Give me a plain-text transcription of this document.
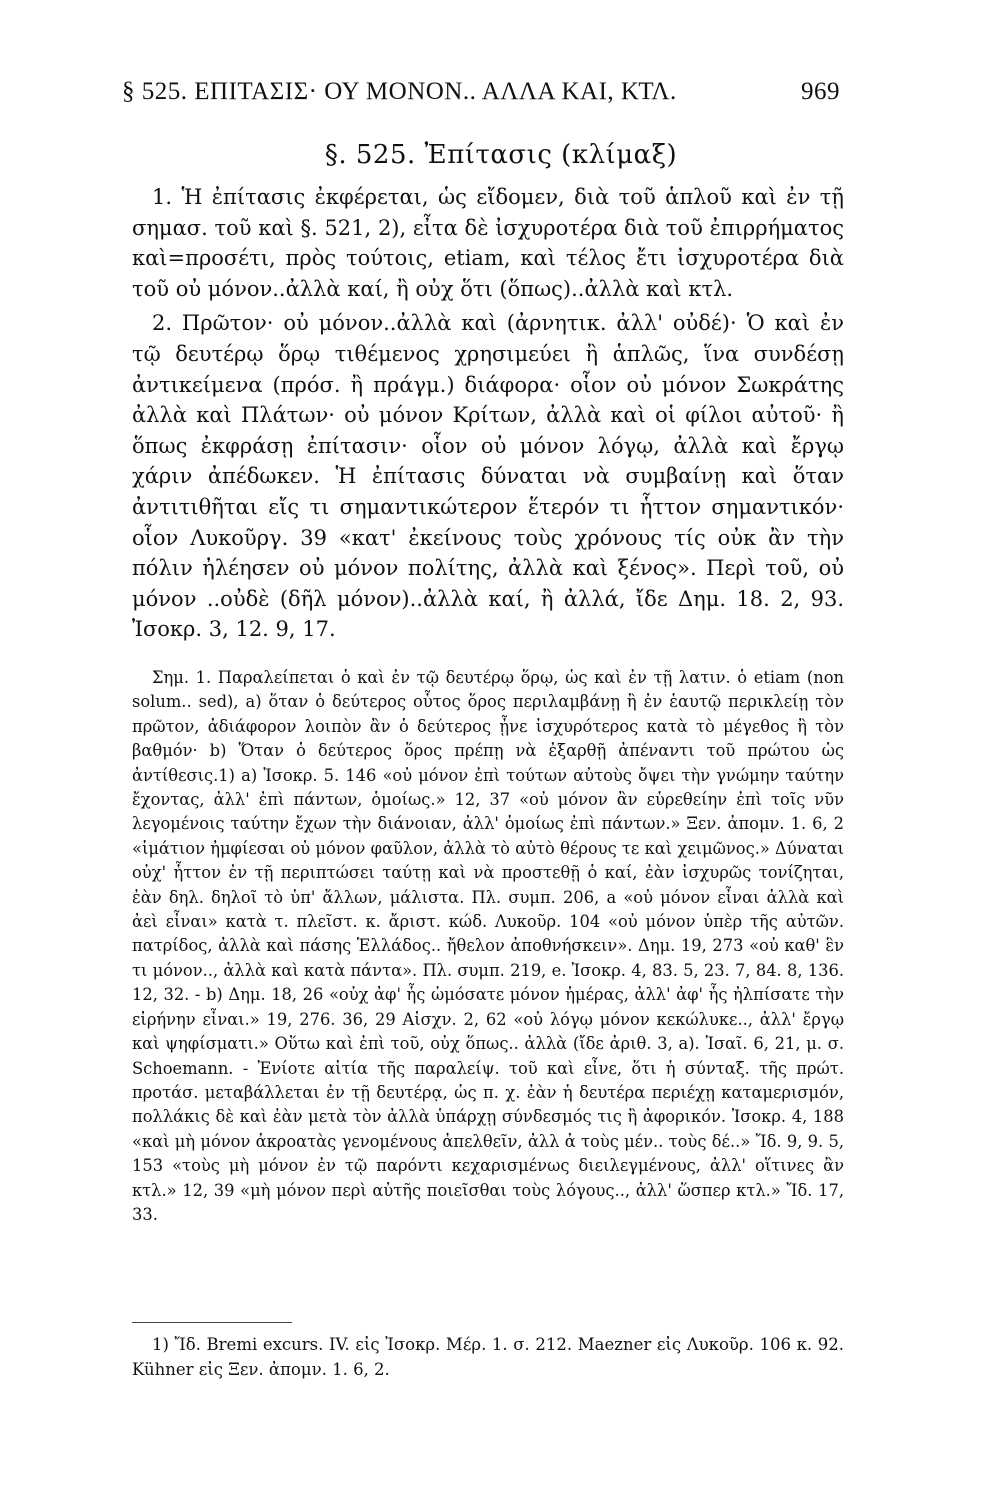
§ 525. ΕΠΙΤΑΣΙΣ· ΟΥ ΜΟΝΟΝ.. ΑΛΛΑ ΚΑΙ, ΚΤΛ.	969
§. 525. Ἐπίτασις (κλίμαξ)

1. Ἡ ἐπίτασις ἐκφέρεται, ὡς εἴδομεν, διὰ τοῦ ἁπλοῦ καὶ ἐν τῇ σημασ. τοῦ καὶ §. 521, 2), εἶτα δὲ ἰσχυροτέρα διὰ τοῦ ἐπιρρήματος καὶ=προσέτι, πρὸς τούτοις, etiam, καὶ τέλος ἔτι ἰσχυροτέρα διὰ τοῦ οὐ μόνον..ἀλλὰ καί, ἢ οὐχ ὅτι (ὅπως)..ἀλλὰ καὶ κτλ.

2. Πρῶτον· οὐ μόνον..ἀλλὰ καὶ (ἀρνητικ. ἀλλ' οὐδέ)· Ὁ καὶ ἐν τῷ δευτέρῳ ὅρῳ τιθέμενος χρησιμεύει ἢ ἁπλῶς, ἵνα συνδέσῃ ἀντικείμενα (πρόσ. ἢ πράγμ.) διάφορα· οἷον οὐ μόνον Σωκράτης ἀλλὰ καὶ Πλάτων· οὐ μόνον Κρίτων, ἀλλὰ καὶ οἱ φίλοι αὐτοῦ· ἢ ὅπως ἐκφράσῃ ἐπίτασιν· οἷον οὐ μόνον λόγῳ, ἀλλὰ καὶ ἔργῳ χάριν ἀπέδωκεν. Ἡ ἐπίτασις δύναται νὰ συμβαίνῃ καὶ ὅταν ἀντιτιθῆται εἴς τι σημαντικώτερον ἕτερόν τι ἧττον σημαντικόν· οἷον Λυκοῦργ. 39 «κατ' ἐκείνους τοὺς χρόνους τίς οὐκ ἂν τὴν πόλιν ἠλέησεν οὐ μόνον πολίτης, ἀλλὰ καὶ ξένος». Περὶ τοῦ, οὐ μόνον ..οὐδὲ (δῆλ μόνον)..ἀλλὰ καί, ἢ ἀλλά, ἴδε Δημ. 18. 2, 93. Ἰσοκρ. 3, 12. 9, 17.

Σημ. 1. Παραλείπεται ὁ καὶ ἐν τῷ δευτέρῳ ὅρῳ, ὡς καὶ ἐν τῇ λατιν. ὁ etiam (non solum.. sed), a) ὅταν ὁ δεύτερος οὗτος ὅρος περιλαμβάνῃ ἢ ἐν ἑαυτῷ περικλείῃ τὸν πρῶτον, ἀδιάφορον λοιπὸν ἂν ὁ δεύτερος ᾖνε ἰσχυρότερος κατὰ τὸ μέγεθος ἢ τὸν βαθμόν· b) Ὅταν ὁ δεύτερος ὅρος πρέπῃ νὰ ἐξαρθῇ ἀπέναντι τοῦ πρώτου ὡς ἀντίθεσις.1) a) Ἰσοκρ. 5. 146 «οὐ μόνον ἐπὶ τούτων αὐτοὺς ὄψει τὴν γνώμην ταύτην ἔχοντας, ἀλλ' ἐπὶ πάντων, ὁμοίως.» 12, 37 «οὐ μόνον ἂν εὑρεθείην ἐπὶ τοῖς νῦν λεγομένοις ταύτην ἔχων τὴν διάνοιαν, ἀλλ' ὁμοίως ἐπὶ πάντων.» Ξεν. ἀπομν. 1. 6, 2 «ἱμάτιον ἠμφίεσαι οὐ μόνον φαῦλον, ἀλλὰ τὸ αὐτὸ θέρους τε καὶ χειμῶνος.» Δύναται οὐχ' ἧττον ἐν τῇ περιπτώσει ταύτῃ καὶ νὰ προστεθῇ ὁ καί, ἐὰν ἰσχυρῶς τονίζηται, ἐὰν δηλ. δηλοῖ τὸ ὑπ' ἄλλων, μάλιστα. Πλ. συμπ. 206, a «οὐ μόνον εἶναι ἀλλὰ καὶ ἀεὶ εἶναι» κατὰ τ. πλεῖστ. κ. ἄριστ. κώδ. Λυκοῦρ. 104 «οὐ μόνον ὑπὲρ τῆς αὐτῶν. πατρίδος, ἀλλὰ καὶ πάσης Ἑλλάδος.. ἤθελον ἀποθνήσκειν». Δημ. 19, 273 «οὐ καθ' ἓν τι μόνον.., ἀλλὰ καὶ κατὰ πάντα». Πλ. συμπ. 219, e. Ἰσοκρ. 4, 83. 5, 23. 7, 84. 8, 136. 12, 32. - b) Δημ. 18, 26 «οὐχ ἀφ' ἧς ὠμόσατε μόνον ἡμέρας, ἀλλ' ἀφ' ἧς ἠλπίσατε τὴν εἰρήνην εἶναι.» 19, 276. 36, 29 Αἰσχν. 2, 62 «οὐ λόγῳ μόνον κεκώλυκε.., ἀλλ' ἔργῳ καὶ ψηφίσματι.» Οὕτω καὶ ἐπὶ τοῦ, οὐχ ὅπως.. ἀλλὰ (ἴδε ἀριθ. 3, a). Ἰσαῖ. 6, 21, μ. σ. Schoemann. - Ἐνίοτε αἰτία τῆς παραλείψ. τοῦ καὶ εἶνε, ὅτι ἡ σύνταξ. τῆς πρώτ. προτάσ. μεταβάλλεται ἐν τῇ δευτέρᾳ, ὡς π. χ. ἐὰν ἡ δευτέρα περιέχῃ καταμερισμόν, πολλάκις δὲ καὶ ἐὰν μετὰ τὸν ἀλλὰ ὑπάρχῃ σύνδεσμός τις ἢ ἀφορικόν. Ἰσοκρ. 4, 188 «καὶ μὴ μόνον ἀκροατὰς γενομένους ἀπελθεῖν, ἀλλ ἀ τοὺς μέν.. τοὺς δέ..» Ἴδ. 9, 9. 5, 153 «τοὺς μὴ μόνον ἐν τῷ παρόντι κεχαρισμένως διειλεγμένους, ἀλλ' οἵτινες ἂν κτλ.» 12, 39 «μὴ μόνον περὶ αὐτῆς ποιεῖσθαι τοὺς λόγους.., ἀλλ' ὥσπερ κτλ.» Ἴδ. 17, 33.

1) Ἴδ. Bremi excurs. IV. εἰς Ἰσοκρ. Μέρ. 1. σ. 212. Maezner εἰς Λυκοῦρ. 106 κ. 92. Kühner εἰς Ξεν. ἀπομν. 1. 6, 2.
